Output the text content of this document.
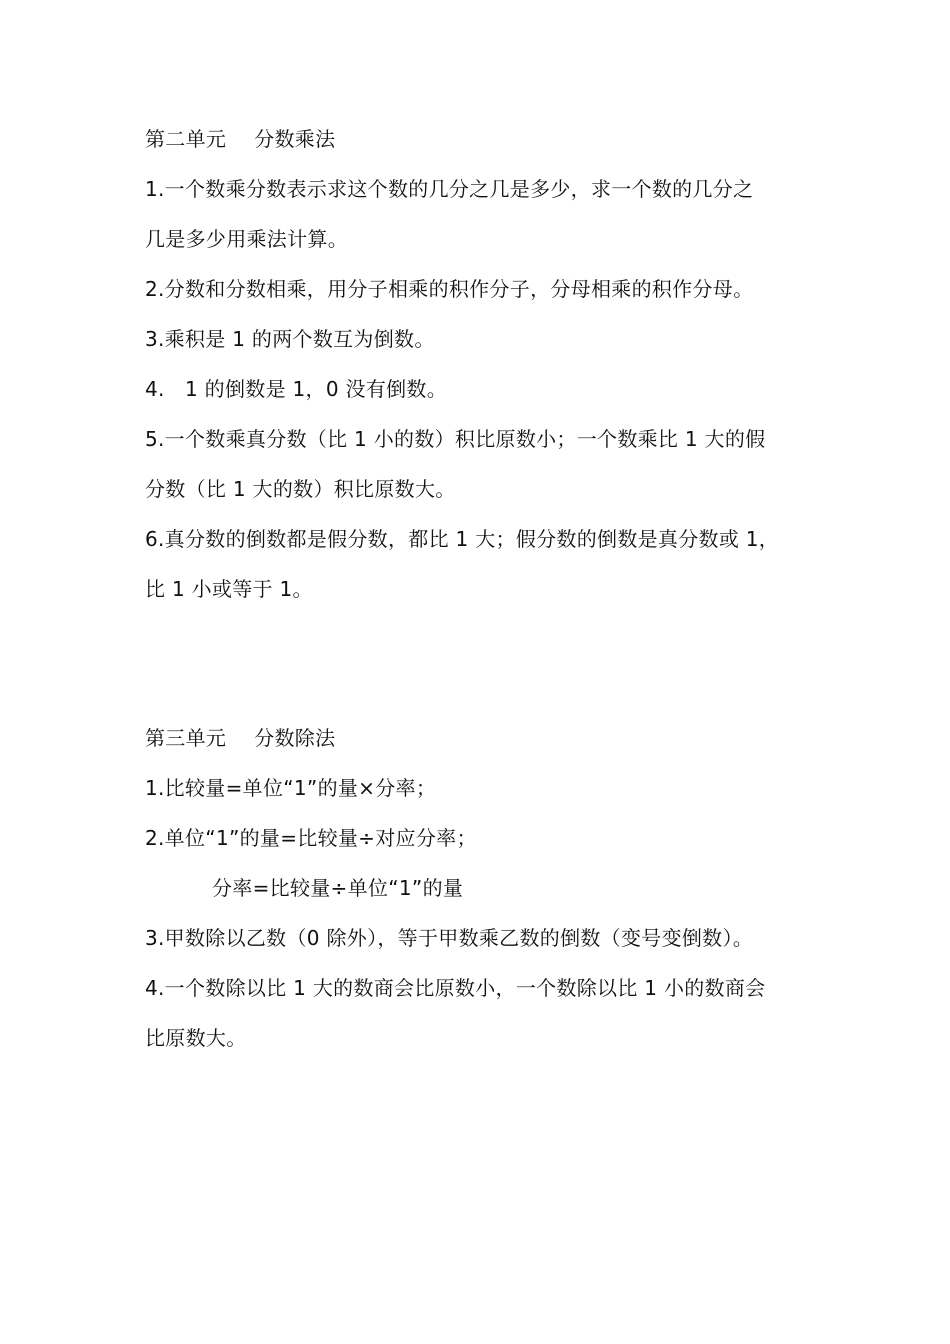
第二单元 分数乘法
1.一个数乘分数表示求这个数的几分之几是多少，求一个数的几分之
几是多少用乘法计算。
2.分数和分数相乘，用分子相乘的积作分子，分母相乘的积作分母。
3.乘积是 1 的两个数互为倒数。
4.　1 的倒数是 1，0 没有倒数。
5.一个数乘真分数（比 1 小的数）积比原数小；一个数乘比 1 大的假
分数（比 1 大的数）积比原数大。
6.真分数的倒数都是假分数，都比 1 大；假分数的倒数是真分数或 1，
比 1 小或等于 1。
第三单元 分数除法
1.比较量=单位“1”的量×分率；
2.单位“1”的量=比较量÷对应分率；
分率=比较量÷单位“1”的量
3.甲数除以乙数（0 除外），等于甲数乘乙数的倒数（变号变倒数）。
4.一个数除以比 1 大的数商会比原数小，一个数除以比 1 小的数商会
比原数大。
